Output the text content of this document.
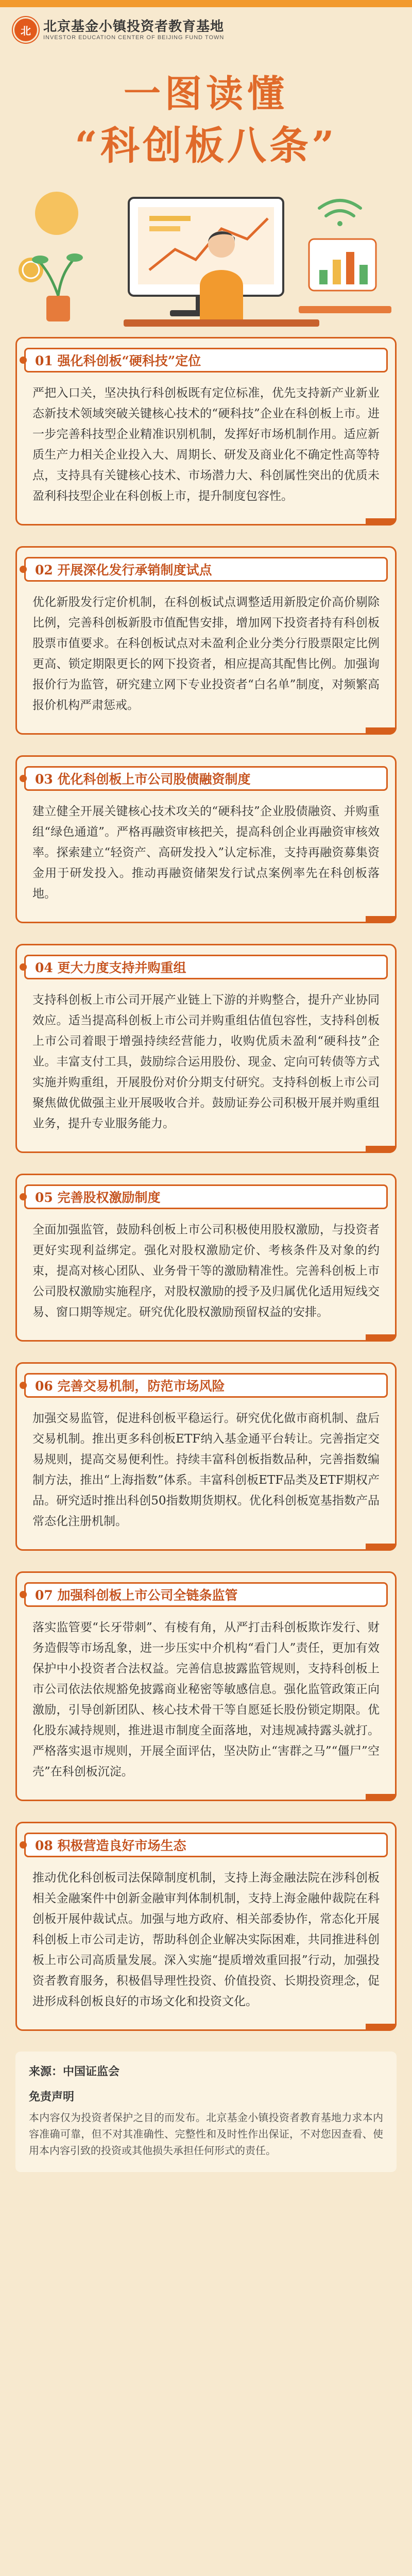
北 北京基金小镇投资者教育基地
INVESTOR EDUCATION CENTER OF BEIJING FUND TOWN
一图读懂
“科创板八条”
01 强化科创板“硬科技”定位
严把入口关，坚决执行科创板既有定位标准，优先支持新产业新业态新技术领域突破关键核心技术的“硬科技”企业在科创板上市。进一步完善科技型企业精准识别机制，发挥好市场机制作用。适应新质生产力相关企业投入大、周期长、研发及商业化不确定性高等特点，支持具有关键核心技术、市场潜力大、科创属性突出的优质未盈利科技型企业在科创板上市，提升制度包容性。
02 开展深化发行承销制度试点
优化新股发行定价机制，在科创板试点调整适用新股定价高价剔除比例，完善科创板新股市值配售安排，增加网下投资者持有科创板股票市值要求。在科创板试点对未盈利企业分类分行股票限定比例更高、锁定期限更长的网下投资者，相应提高其配售比例。加强询报价行为监管，研究建立网下专业投资者“白名单”制度，对频繁高报价机构严肃惩戒。
03 优化科创板上市公司股债融资制度
建立健全开展关键核心技术攻关的“硬科技”企业股债融资、并购重组“绿色通道”。严格再融资审核把关，提高科创企业再融资审核效率。探索建立“轻资产、高研发投入”认定标准，支持再融资募集资金用于研发投入。推动再融资储架发行试点案例率先在科创板落地。
04 更大力度支持并购重组
支持科创板上市公司开展产业链上下游的并购整合，提升产业协同效应。适当提高科创板上市公司并购重组估值包容性，支持科创板上市公司着眼于增强持续经营能力，收购优质未盈利“硬科技”企业。丰富支付工具，鼓励综合运用股份、现金、定向可转债等方式实施并购重组，开展股份对价分期支付研究。支持科创板上市公司聚焦做优做强主业开展吸收合并。鼓励证券公司积极开展并购重组业务，提升专业服务能力。
05 完善股权激励制度
全面加强监管，鼓励科创板上市公司积极使用股权激励，与投资者更好实现利益绑定。强化对股权激励定价、考核条件及对象的约束，提高对核心团队、业务骨干等的激励精准性。完善科创板上市公司股权激励实施程序，对股权激励的授予及归属优化适用短线交易、窗口期等规定。研究优化股权激励预留权益的安排。
06 完善交易机制，防范市场风险
加强交易监管，促进科创板平稳运行。研究优化做市商机制、盘后交易机制。推出更多科创板ETF纳入基金通平台转让。完善指定交易规则，提高交易便利性。持续丰富科创板指数品种，完善指数编制方法，推出“上海指数”体系。丰富科创板ETF品类及ETF期权产品。研究适时推出科创50指数期货期权。优化科创板宽基指数产品常态化注册机制。
07 加强科创板上市公司全链条监管
落实监管要“长牙带刺”、有棱有角，从严打击科创板欺诈发行、财务造假等市场乱象，进一步压实中介机构“看门人”责任，更加有效保护中小投资者合法权益。完善信息披露监管规则，支持科创板上市公司依法依规豁免披露商业秘密等敏感信息。强化监管政策正向激励，引导创新团队、核心技术骨干等自愿延长股份锁定期限。优化股东减持规则，推进退市制度全面落地，对违规减持露头就打。严格落实退市规则，开展全面评估，坚决防止“害群之马”“僵尸”空壳”在科创板沉淀。
08 积极营造良好市场生态
推动优化科创板司法保障制度机制，支持上海金融法院在涉科创板相关金融案件中创新金融审判体制机制，支持上海金融仲裁院在科创板开展仲裁试点。加强与地方政府、相关部委协作，常态化开展科创板上市公司走访，帮助科创企业解决实际困难，共同推进科创板上市公司高质量发展。深入实施“提质增效重回报”行动，加强投资者教育服务，积极倡导理性投资、价值投资、长期投资理念，促进形成科创板良好的市场文化和投资文化。
来源：中国证监会
免责声明
本内容仅为投资者保护之目的而发布。北京基金小镇投资者教育基地力求本内容准确可靠，但不对其准确性、完整性和及时性作出保证，不对您因查看、使用本内容引致的投资或其他损失承担任何形式的责任。
